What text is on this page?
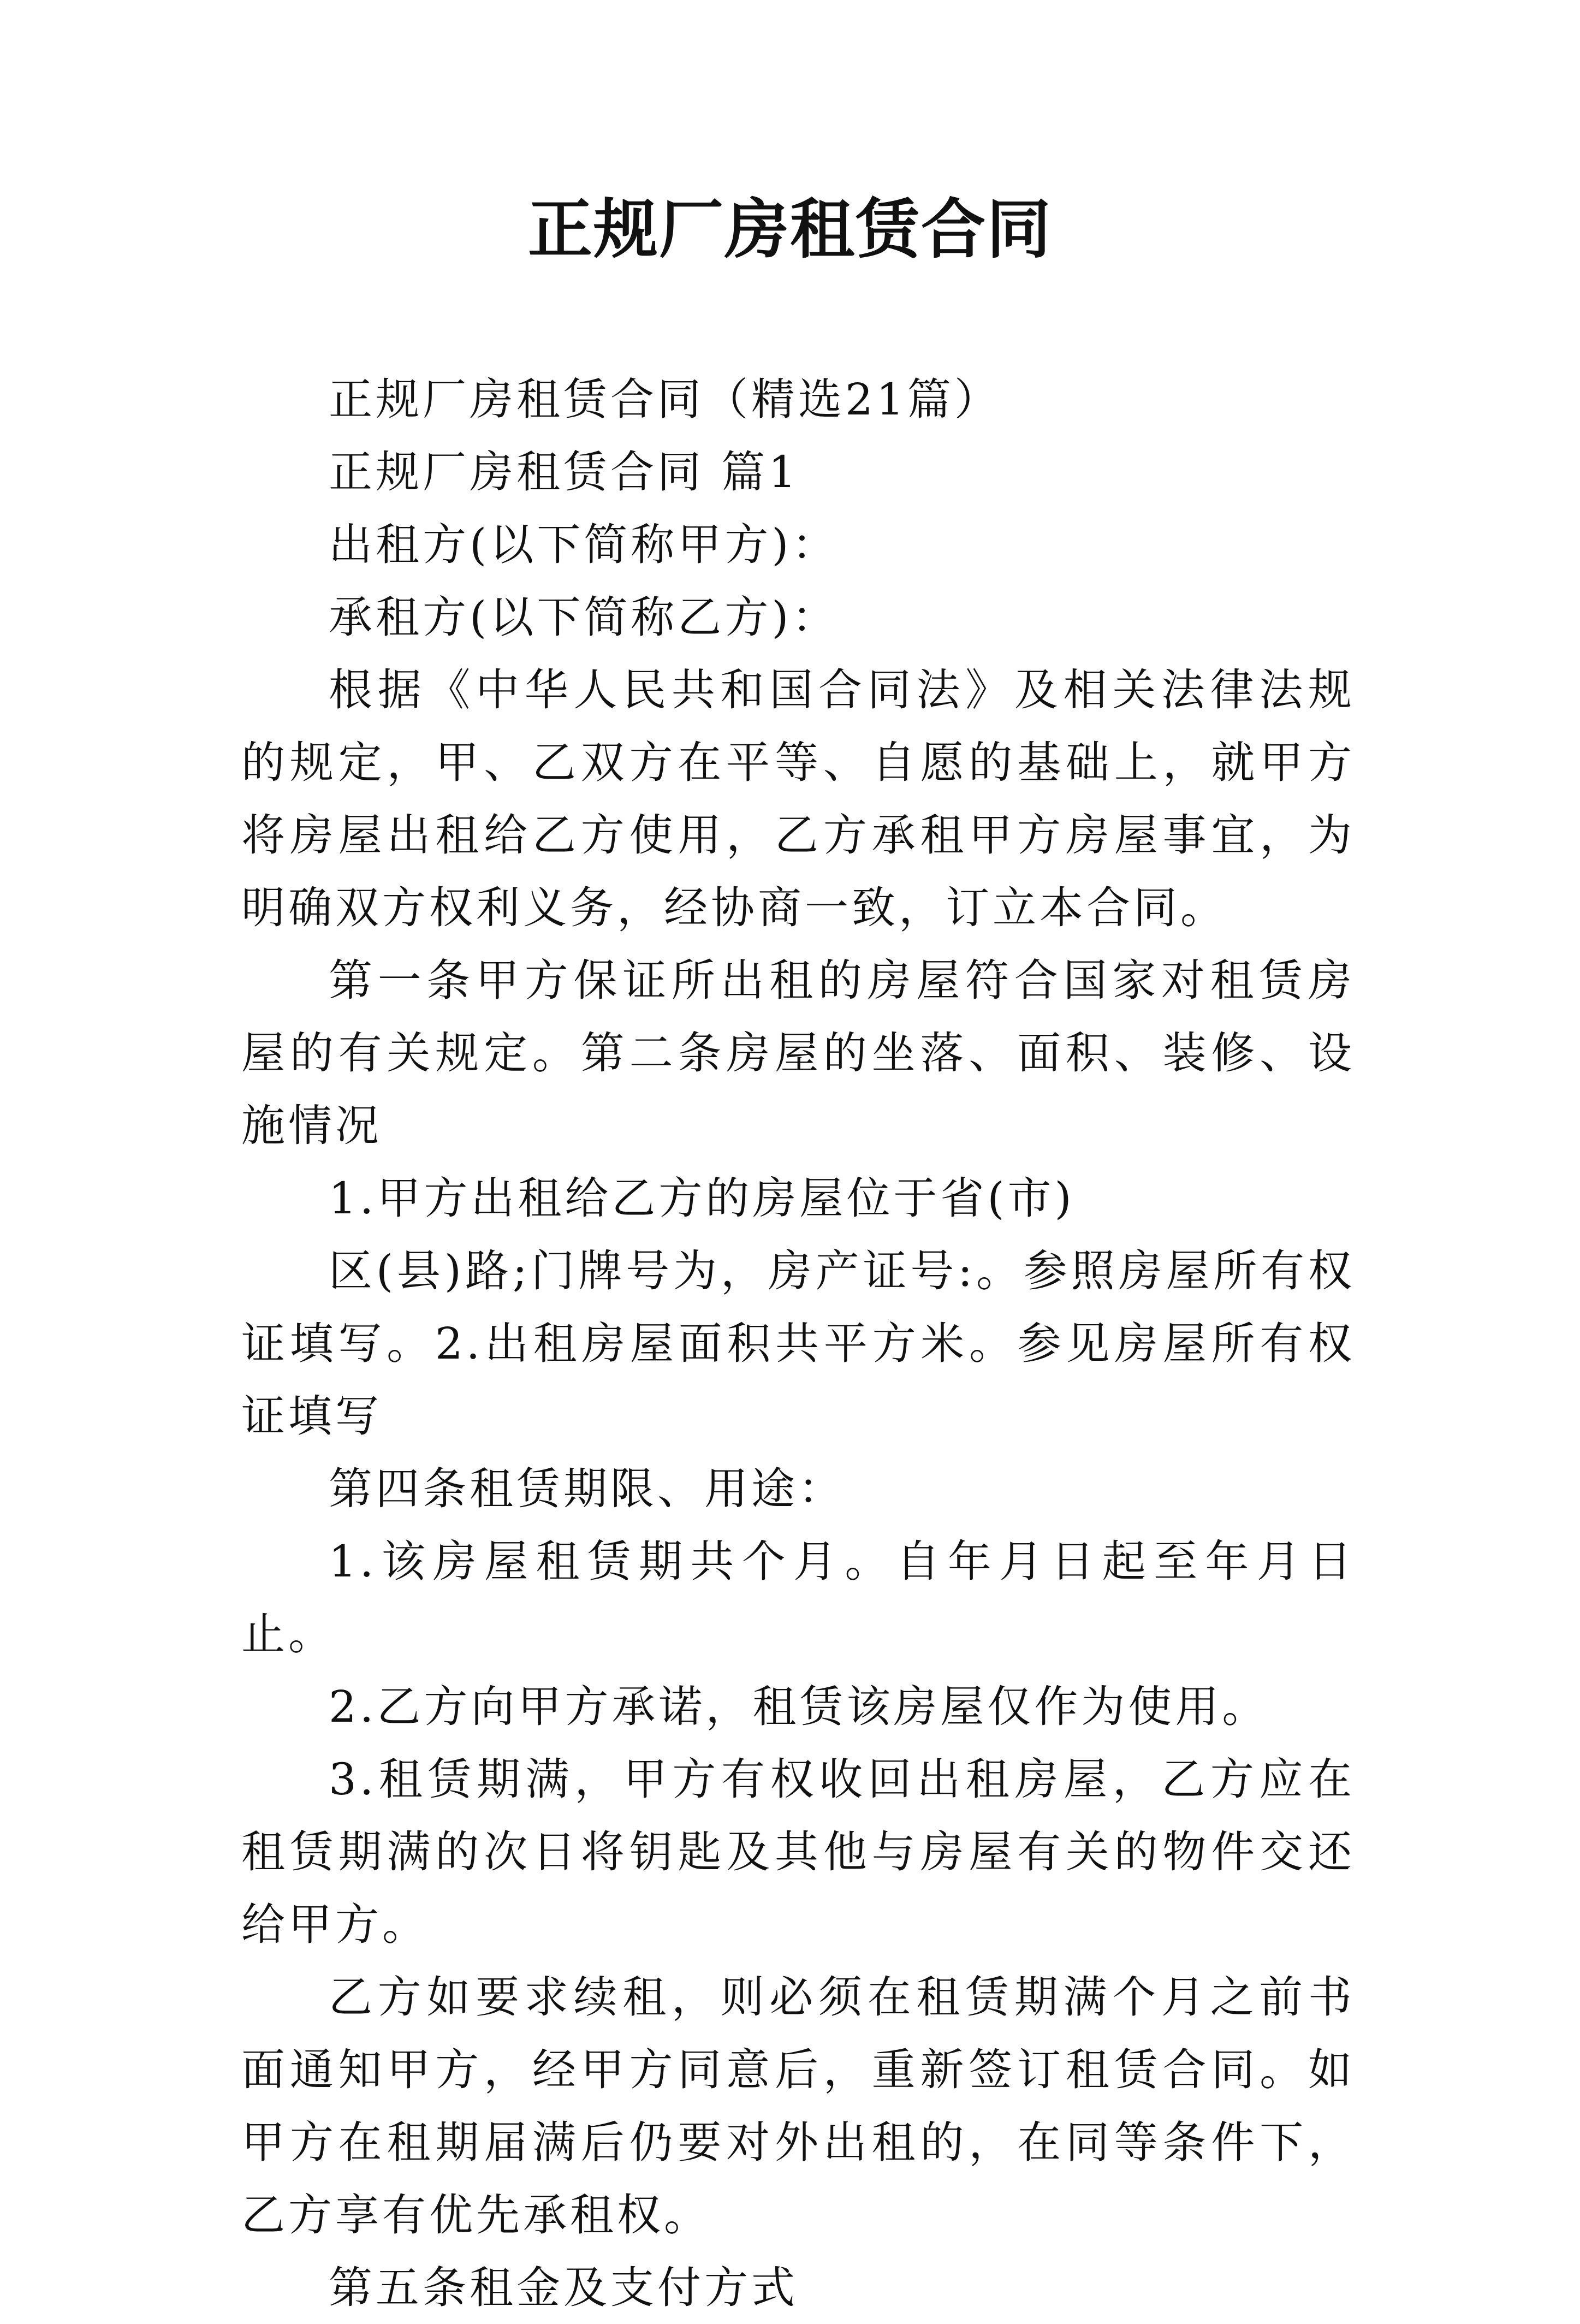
正规厂房租赁合同

正规厂房租赁合同（精选21篇）

正规厂房租赁合同 篇1

出租方(以下简称甲方)：

承租方(以下简称乙方)：

根据《中华人民共和国合同法》及相关法律法规的规定，甲、乙双方在平等、自愿的基础上，就甲方将房屋出租给乙方使用，乙方承租甲方房屋事宜，为明确双方权利义务，经协商一致，订立本合同。

第一条甲方保证所出租的房屋符合国家对租赁房屋的有关规定。第二条房屋的坐落、面积、装修、设施情况

1.甲方出租给乙方的房屋位于省(市)

区(县)路;门牌号为，房产证号:。参照房屋所有权证填写。2.出租房屋面积共平方米。参见房屋所有权证填写

第四条租赁期限、用途：

1.该房屋租赁期共个月。自年月日起至年月日止。

2.乙方向甲方承诺，租赁该房屋仅作为使用。

3.租赁期满，甲方有权收回出租房屋，乙方应在租赁期满的次日将钥匙及其他与房屋有关的物件交还给甲方。

乙方如要求续租，则必须在租赁期满个月之前书面通知甲方，经甲方同意后，重新签订租赁合同。如甲方在租期届满后仍要对外出租的，在同等条件下，乙方享有优先承租权。

第五条租金及支付方式
